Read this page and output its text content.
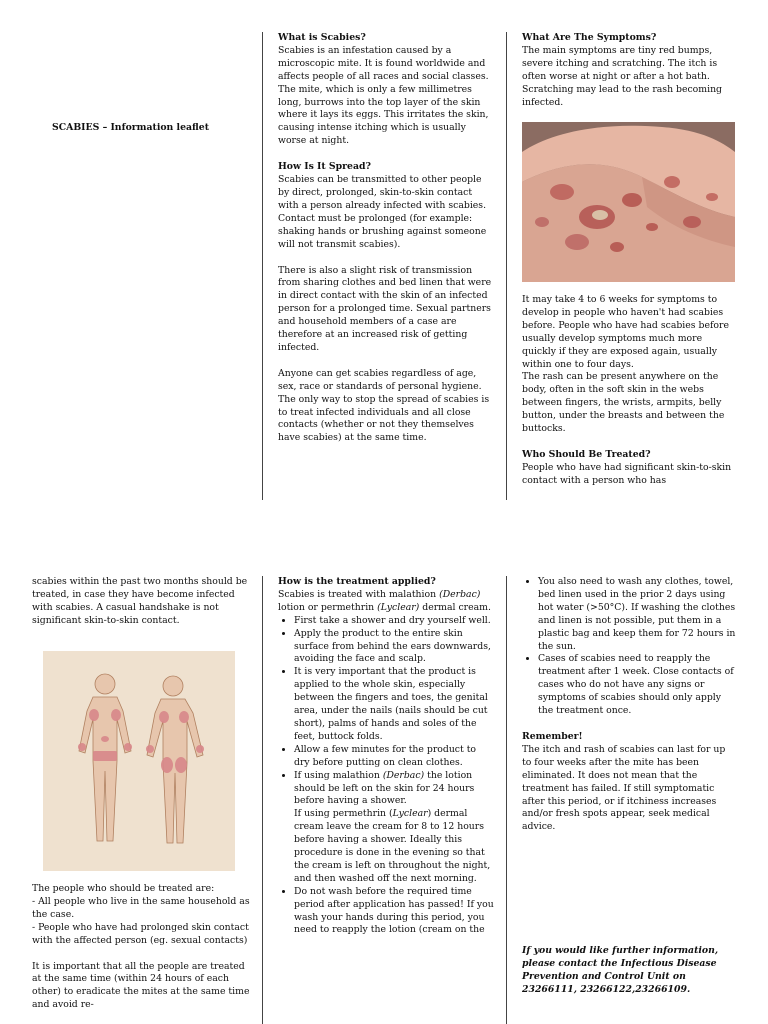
SCABIES – Information leaflet

What is Scabies?

Scabies is an infestation caused by a microscopic mite. It is found worldwide and affects people of all races and social classes. The mite, which is only a few millimetres long, burrows into the top layer of the skin where it lays its eggs. This irritates the skin, causing intense itching which is usually worse at night.

How Is It Spread?

Scabies can be transmitted to other people by direct, prolonged, skin-to-skin contact with a person already infected with scabies. Contact must be prolonged (for example: shaking hands or brushing against someone will not transmit scabies).

There is also a slight risk of transmission from sharing clothes and bed linen that were in direct contact with the skin of an infected person for a prolonged time. Sexual partners and household members of a case are therefore at an increased risk of getting infected.

Anyone can get scabies regardless of age, sex, race or standards of personal hygiene. The only way to stop the spread of scabies is to treat infected individuals and all close contacts (whether or not they themselves have scabies) at the same time.

What Are The Symptoms?

The main symptoms are tiny red bumps, severe itching and scratching. The itch is often worse at night or after a hot bath. Scratching may lead to the rash becoming infected.

It may take 4 to 6 weeks for symptoms to develop in people who haven't had scabies before. People who have had scabies before usually develop symptoms much more quickly if they are exposed again, usually within one to four days.

The rash can be present anywhere on the body, often in the soft skin in the webs between fingers, the wrists, armpits, belly button, under the breasts and between the buttocks.

Who Should Be Treated?

People who have had significant skin-to-skin contact with a person who has

scabies within the past two months should be treated, in case they have become infected with scabies. A casual handshake is not significant skin-to-skin contact.

The people who should be treated are:
- All people who live in the same household as the case.
- People who have had prolonged skin contact with the affected person (eg. sexual contacts)

It is important that all the people are treated at the same time (within 24 hours of each other) to eradicate the mites at the same time and avoid re-

How is the treatment applied?

Scabies is treated with malathion (Derbac) lotion or permethrin (Lyclear) dermal cream.

• First take a shower and dry yourself well.
• Apply the product to the entire skin surface from behind the ears downwards, avoiding the face and scalp.
• It is very important that the product is applied to the whole skin, especially between the fingers and toes, the genital area, under the nails (nails should be cut short), palms of hands and soles of the feet, buttock folds.
• Allow a few minutes for the product to dry before putting on clean clothes.
• If using malathion (Derbac) the lotion should be left on the skin for 24 hours before having a shower.
If using permethrin (Lyclear) dermal cream leave the cream for 8 to 12 hours before having a shower. Ideally this procedure is done in the evening so that the cream is left on throughout the night, and then washed off the next morning.
• Do not wash before the required time period after application has passed! If you wash your hands during this period, you need to reapply the lotion (cream on the
• You also need to wash any clothes, towel, bed linen used in the prior 2 days using hot water (>50°C). If washing the clothes and linen is not possible, put them in a plastic bag and keep them for 72 hours in the sun.
• Cases of scabies need to reapply the treatment after 1 week. Close contacts of cases who do not have any signs or symptoms of scabies should only apply the treatment once.

Remember!

The itch and rash of scabies can last for up to four weeks after the mite has been eliminated. It does not mean that the treatment has failed. If still symptomatic after this period, or if itchiness increases and/or fresh spots appear, seek medical advice.

If you would like further information, please contact the Infectious Disease Prevention and Control Unit on 23266111, 23266122,23266109.
